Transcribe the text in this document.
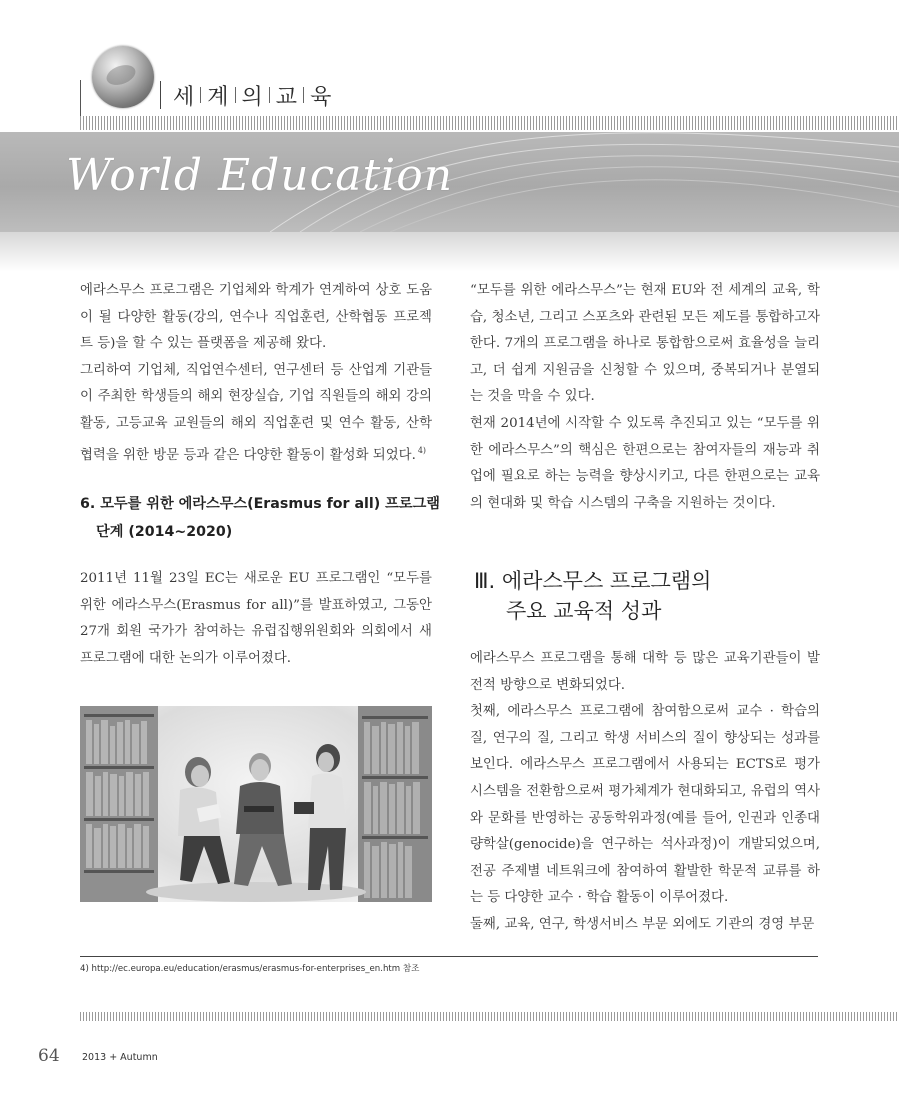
세 계 의 교 육
World Education

에라스무스 프로그램은 기업체와 학계가 연계하여 상호 도움이 될 다양한 활동(강의, 연수나 직업훈련, 산학협동 프로젝트 등)을 할 수 있는 플랫폼을 제공해 왔다.

그리하여 기업체, 직업연수센터, 연구센터 등 산업계 기관들이 주최한 학생들의 해외 현장실습, 기업 직원들의 해외 강의 활동, 고등교육 교원들의 해외 직업훈련 및 연수 활동, 산학 협력을 위한 방문 등과 같은 다양한 활동이 활성화 되었다. $^{4)}$

6. 모두를 위한 에라스무스(Erasmus for all) 프로그램
단계 (2014~2020)

2011년 11월 23일 EC는 새로운 EU 프로그램인 “모두를 위한 에라스무스(Erasmus for all)”를 발표하였고, 그동안 27개 회원 국가가 참여하는 유럽집행위원회와 의회에서 새 프로그램에 대한 논의가 이루어졌다.

“모두를 위한 에라스무스”는 현재 EU와 전 세계의 교육, 학습, 청소년, 그리고 스포츠와 관련된 모든 제도를 통합하고자 한다. 7개의 프로그램을 하나로 통합함으로써 효율성을 늘리고, 더 쉽게 지원금을 신청할 수 있으며, 중복되거나 분열되는 것을 막을 수 있다.

현재 2014년에 시작할 수 있도록 추진되고 있는 “모두를 위한 에라스무스”의 핵심은 한편으로는 참여자들의 재능과 취업에 필요로 하는 능력을 향상시키고, 다른 한편으로는 교육의 현대화 및 학습 시스템의 구축을 지원하는 것이다.

Ⅲ. 에라스무스 프로그램의
주요 교육적 성과

에라스무스 프로그램을 통해 대학 등 많은 교육기관들이 발전적 방향으로 변화되었다.

첫째, 에라스무스 프로그램에 참여함으로써 교수 · 학습의 질, 연구의 질, 그리고 학생 서비스의 질이 향상되는 성과를 보인다. 에라스무스 프로그램에서 사용되는 ECTS로 평가 시스템을 전환함으로써 평가체계가 현대화되고, 유럽의 역사와 문화를 반영하는 공동학위과정(예를 들어, 인권과 인종대량학살(genocide)을 연구하는 석사과정)이 개발되었으며, 전공 주제별 네트워크에 참여하여 활발한 학문적 교류를 하는 등 다양한 교수 · 학습 활동이 이루어졌다.

둘째, 교육, 연구, 학생서비스 부문 외에도 기관의 경영 부문

4) http://ec.europa.eu/education/erasmus/erasmus-for-enterprises_en.htm 참조
64 2013 + Autumn
